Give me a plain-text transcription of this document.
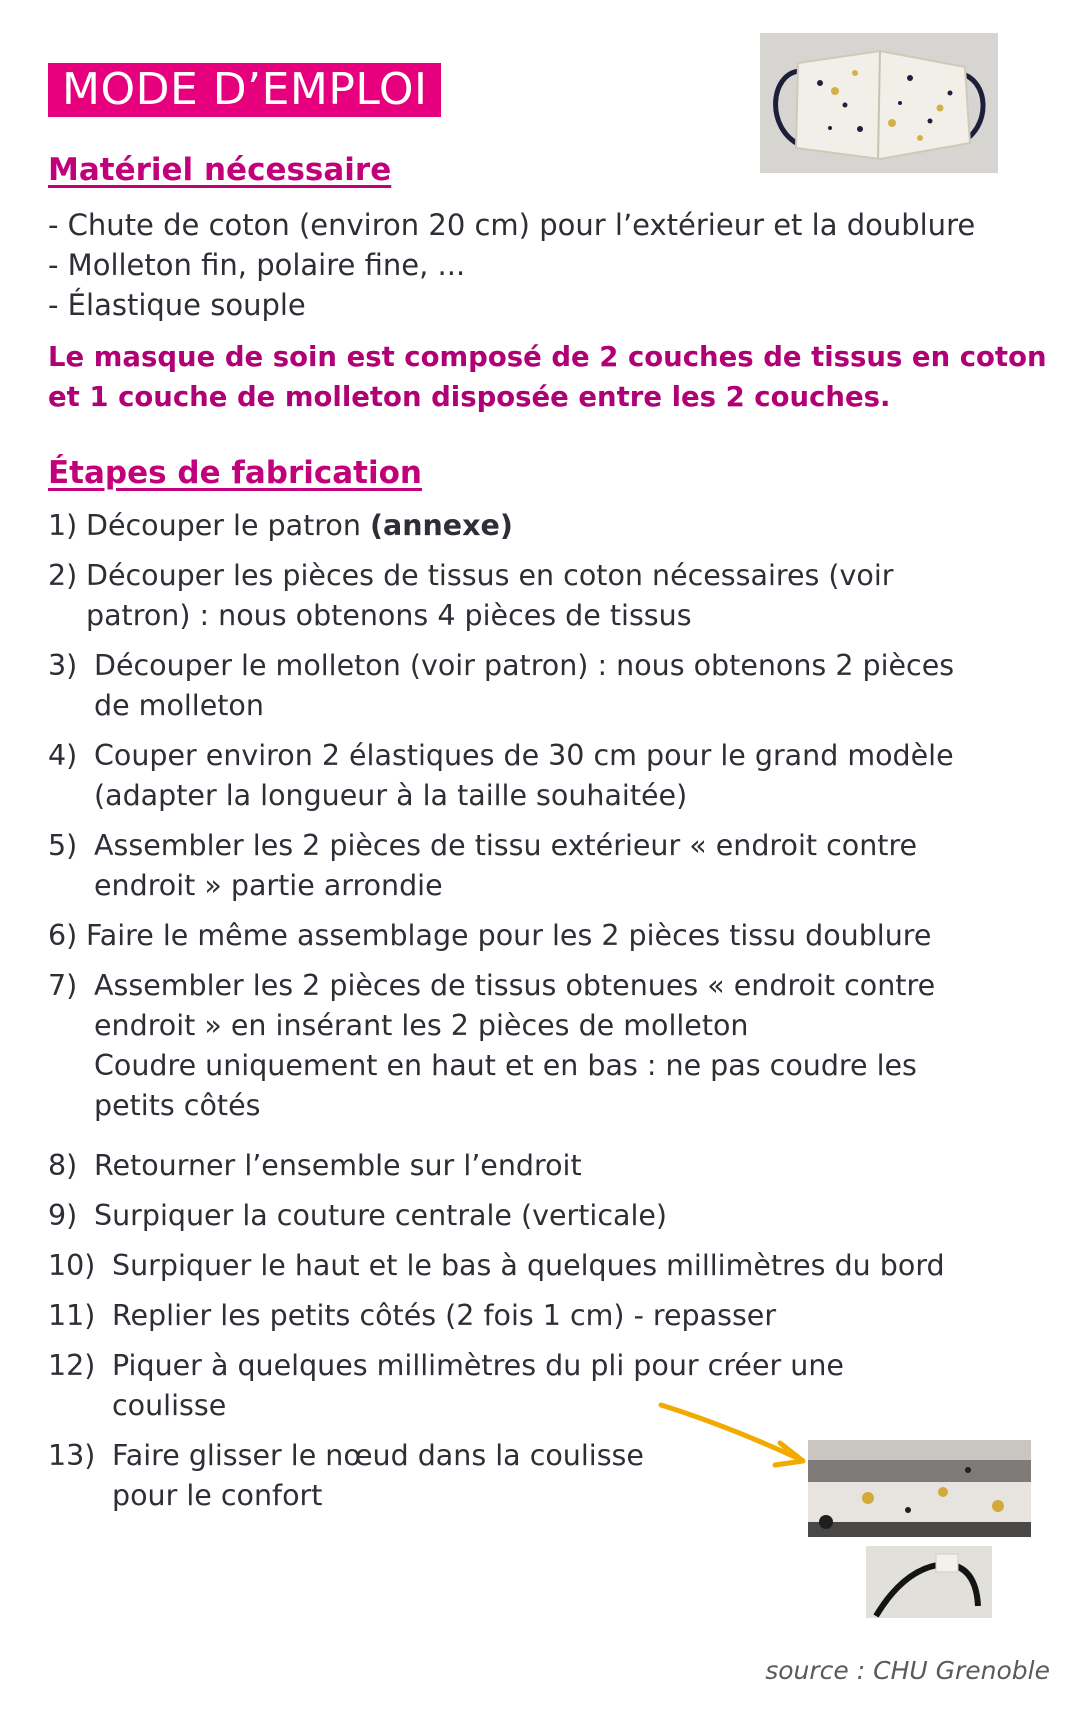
MODE D’EMPLOI
Matériel nécessaire
- Chute de coton (environ 20 cm) pour l’extérieur et la doublure
- Molleton fin, polaire fine, ...
- Élastique souple
Le masque de soin est composé de 2 couches de tissus en coton
et 1 couche de molleton disposée entre les 2 couches.
Étapes de fabrication
1) Découper le patron (annexe)
2) Découper les pièces de tissus en coton nécessaires (voir
patron) : nous obtenons 4 pièces de tissus
3) Découper le molleton (voir patron) : nous obtenons 2 pièces
de molleton
4) Couper environ 2 élastiques de 30 cm pour le grand modèle
(adapter la longueur à la taille souhaitée)
5) Assembler les 2 pièces de tissu extérieur « endroit contre
endroit » partie arrondie
6) Faire le même assemblage pour les 2 pièces tissu doublure
7) Assembler les 2 pièces de tissus obtenues « endroit contre
endroit » en insérant les 2 pièces de molleton
Coudre uniquement en haut et en bas : ne pas coudre les
petits côtés
8) Retourner l’ensemble sur l’endroit
9) Surpiquer la couture centrale (verticale)
10) Surpiquer le haut et le bas à quelques millimètres du bord
11) Replier les petits côtés (2 fois 1 cm) - repasser
12) Piquer à quelques millimètres du pli pour créer une
coulisse
13) Faire glisser le nœud dans la coulisse
pour le confort
source : CHU Grenoble
